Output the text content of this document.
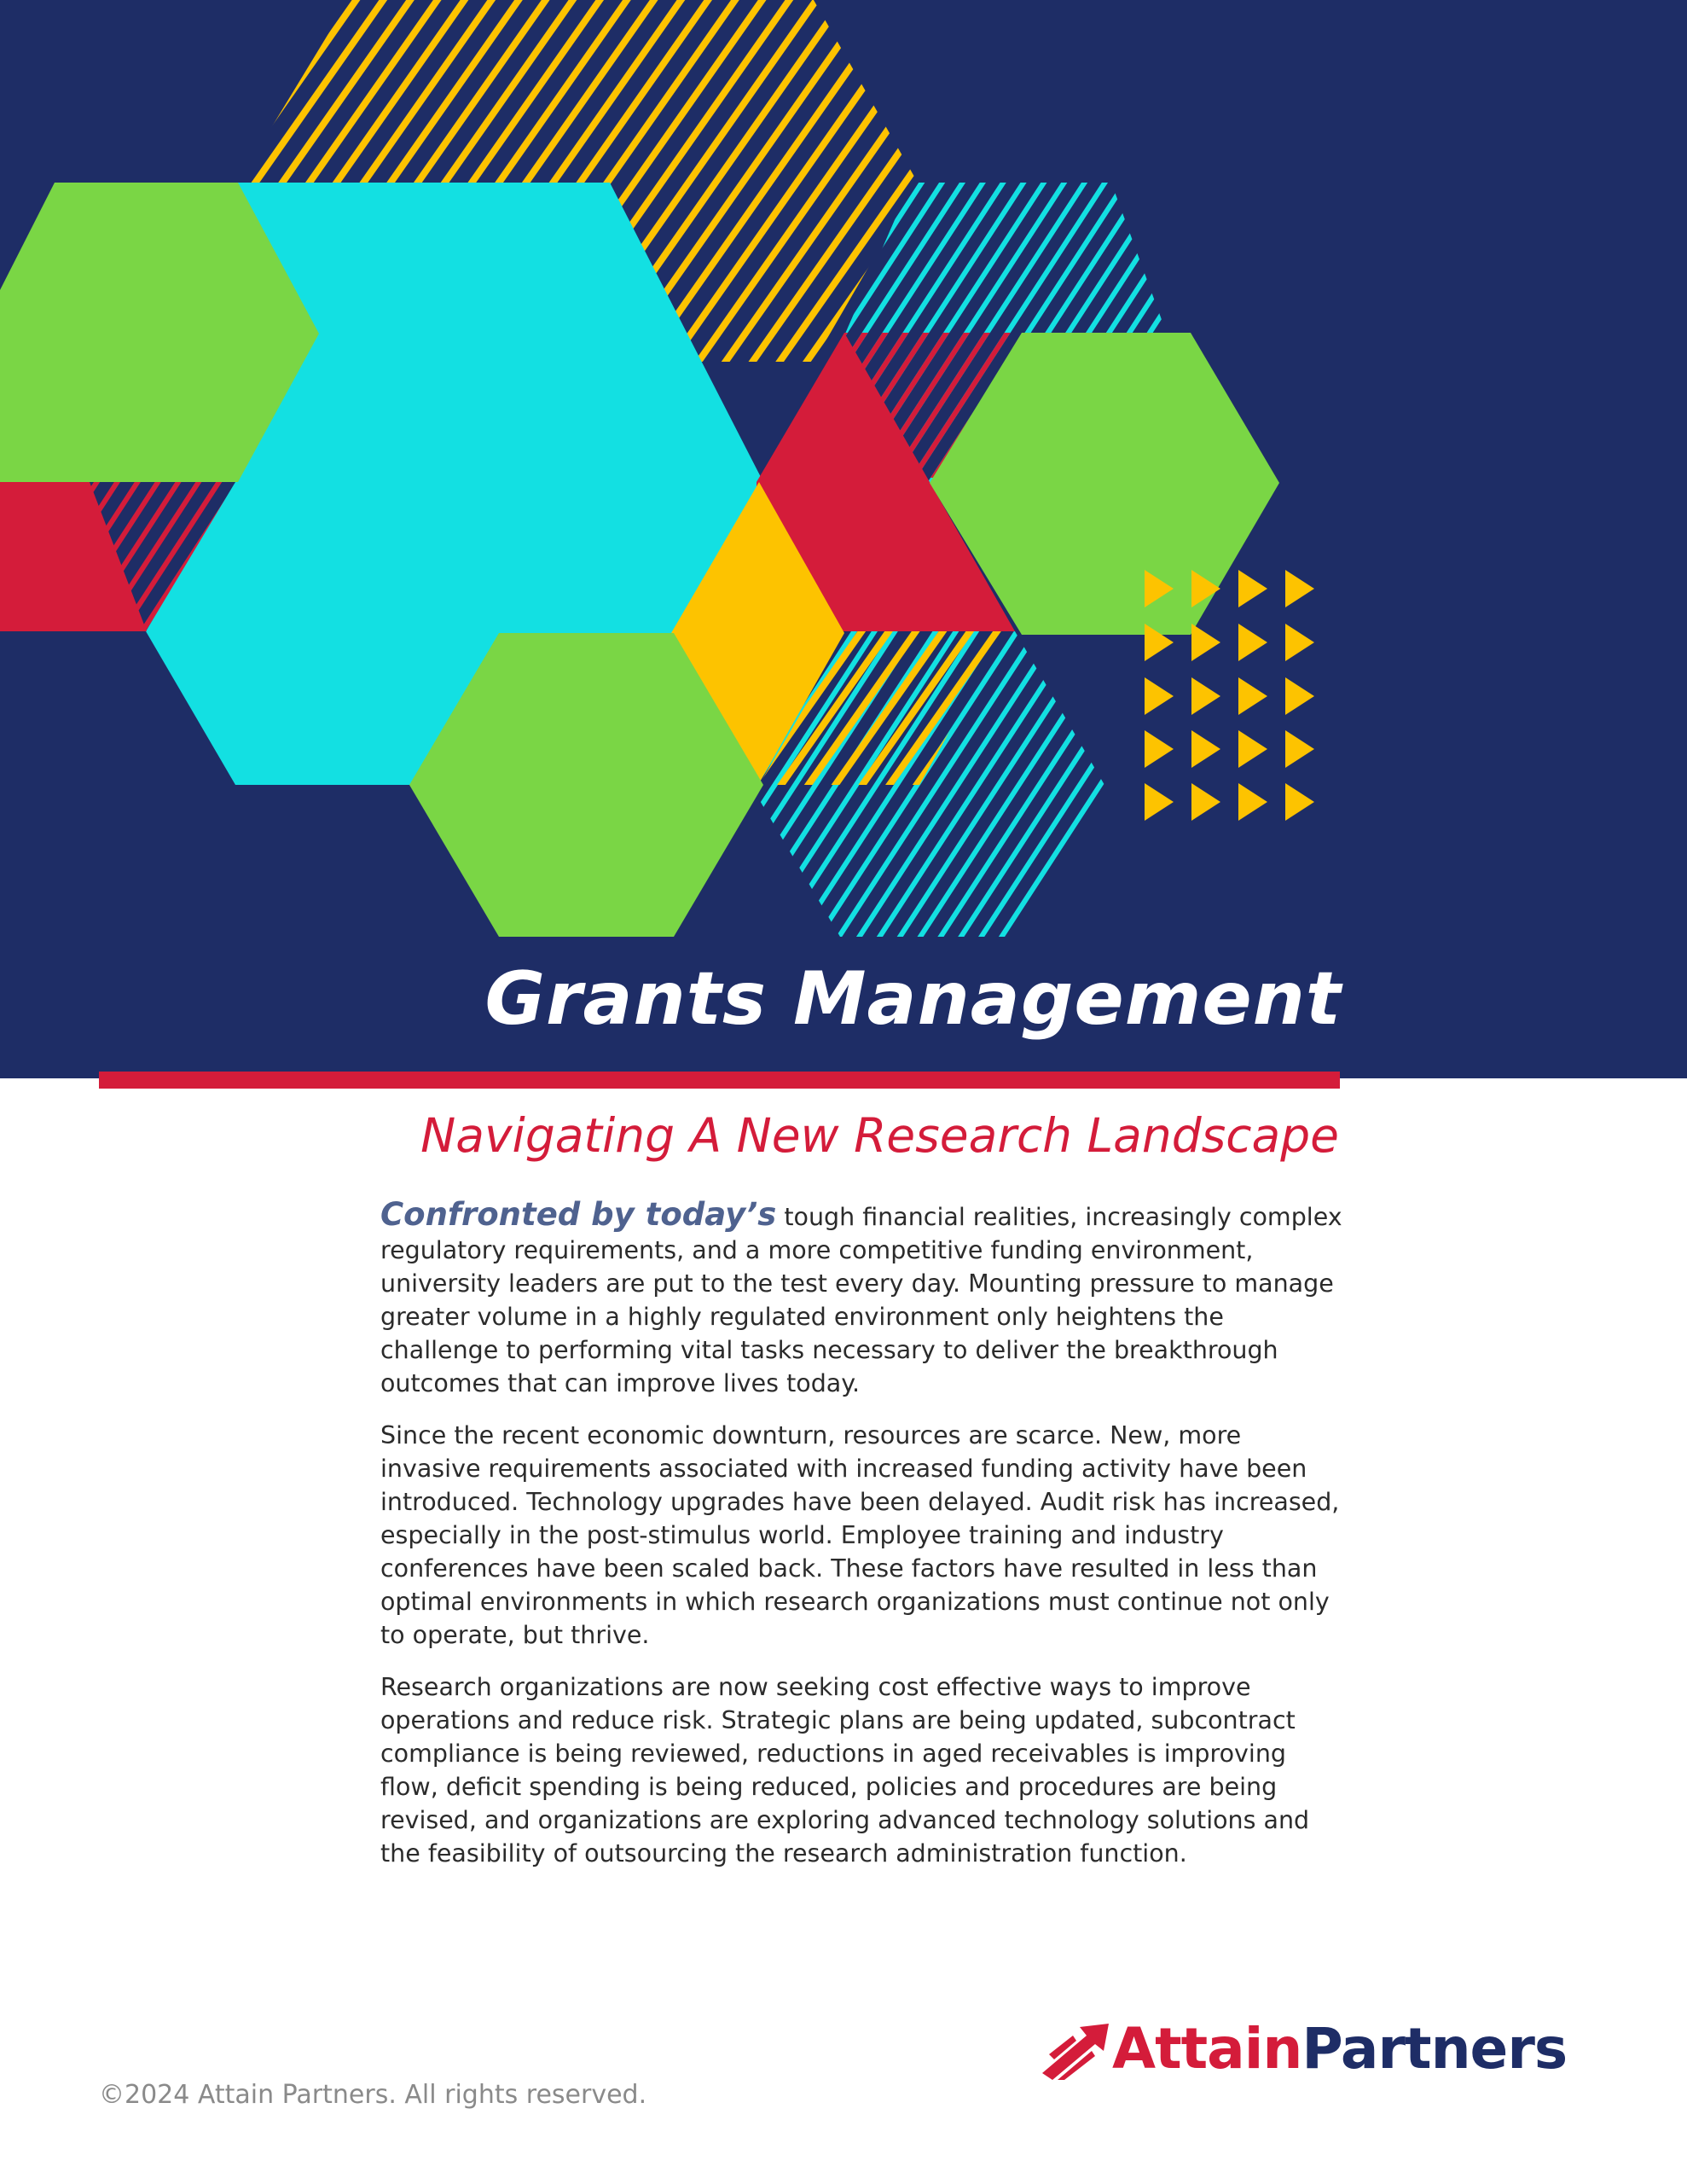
Grants Management
Navigating A New Research Landscape

Confronted by today’s tough financial realities, increasingly complex regulatory requirements, and a more competitive funding environment, university leaders are put to the test every day. Mounting pressure to manage greater volume in a highly regulated environment only heightens the challenge to performing vital tasks necessary to deliver the breakthrough outcomes that can improve lives today.

Since the recent economic downturn, resources are scarce. New, more invasive requirements associated with increased funding activity have been introduced. Technology upgrades have been delayed. Audit risk has increased, especially in the post-stimulus world. Employee training and industry conferences have been scaled back. These factors have resulted in less than optimal environments in which research organizations must continue not only to operate, but thrive.

Research organizations are now seeking cost effective ways to improve operations and reduce risk. Strategic plans are being updated, subcontract compliance is being reviewed, reductions in aged receivables is improving flow, deficit spending is being reduced, policies and procedures are being revised, and organizations are exploring advanced technology solutions and the feasibility of outsourcing the research administration function.

AttainPartners
©2024 Attain Partners. All rights reserved.
